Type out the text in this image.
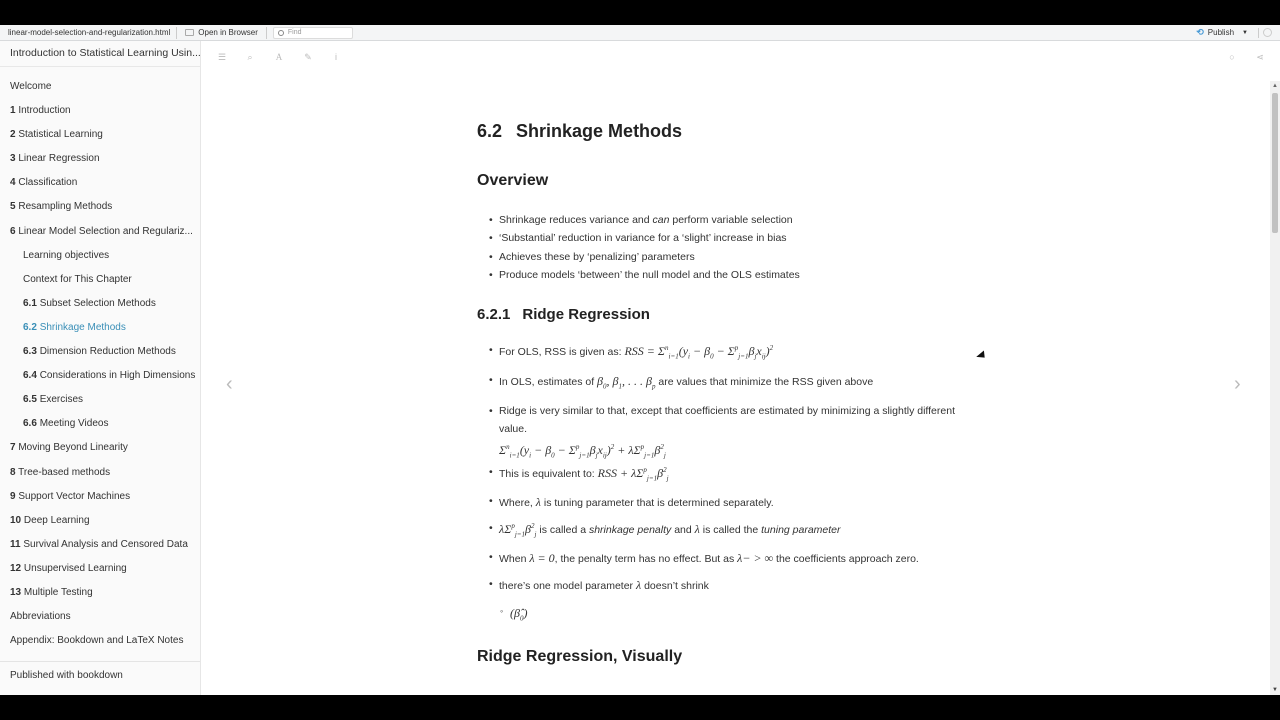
linear-model-selection-and-regularization.html	Open in Browser	Find	⟲ Publish ▼
Introduction to Statistical Learning Usin...
Welcome
1 Introduction
2 Statistical Learning
3 Linear Regression
4 Classification
5 Resampling Methods
6 Linear Model Selection and Regulariz...
Learning objectives
Context for This Chapter
6.1 Subset Selection Methods
6.2 Shrinkage Methods
6.3 Dimension Reduction Methods
6.4 Considerations in High Dimensions
6.5 Exercises
6.6 Meeting Videos
7 Moving Beyond Linearity
8 Tree-based methods
9 Support Vector Machines
10 Deep Learning
11 Survival Analysis and Censored Data
12 Unsupervised Learning
13 Multiple Testing
Abbreviations
Appendix: Bookdown and LaTeX Notes
Published with bookdown
☰ ⌕	A ✎	i	○ ⋖
‹	›
▲
▼
6.2 Shrinkage Methods
Overview
• Shrinkage reduces variance and can perform variable selection
• ‘Substantial’ reduction in variance for a ‘slight’ increase in bias
• Achieves these by ‘penalizing’ parameters
• Produce models ‘between’ the null model and the OLS estimates
6.2.1 Ridge Regression
• For OLS, RSS is given as: RSS = $\Sigma^n_{i=1}(y_i - \beta_0 - \Sigma^p_{j=1}\beta_jx_{ij})^2$
• In OLS, estimates of $\beta_0$, $\beta_1$, . . . $\beta_p$ are values that minimize the RSS given above
• Ridge is very similar to that, except that coefficients are estimated by minimizing a slightly different
value.
$\Sigma^n_{i=1}(y_i - \beta_0 - \Sigma^p_{j=1}\beta_jx_{ij})^2 + \lambda\Sigma^p_{j=1}\beta^2_j$
• This is equivalent to: RSS + $\lambda\Sigma^p_{j=1}\beta^2_j$
• Where, λ is tuning parameter that is determined separately.
• $\lambda\Sigma^p_{j=1}\beta^2_j$ is called a shrinkage penalty and λ is called the tuning parameter
• When λ = 0, the penalty term has no effect. But as λ− > ∞ the coefficients approach zero.
• there’s one model parameter λ doesn’t shrink
◦ $(\betâ_0)$
Ridge Regression, Visually
